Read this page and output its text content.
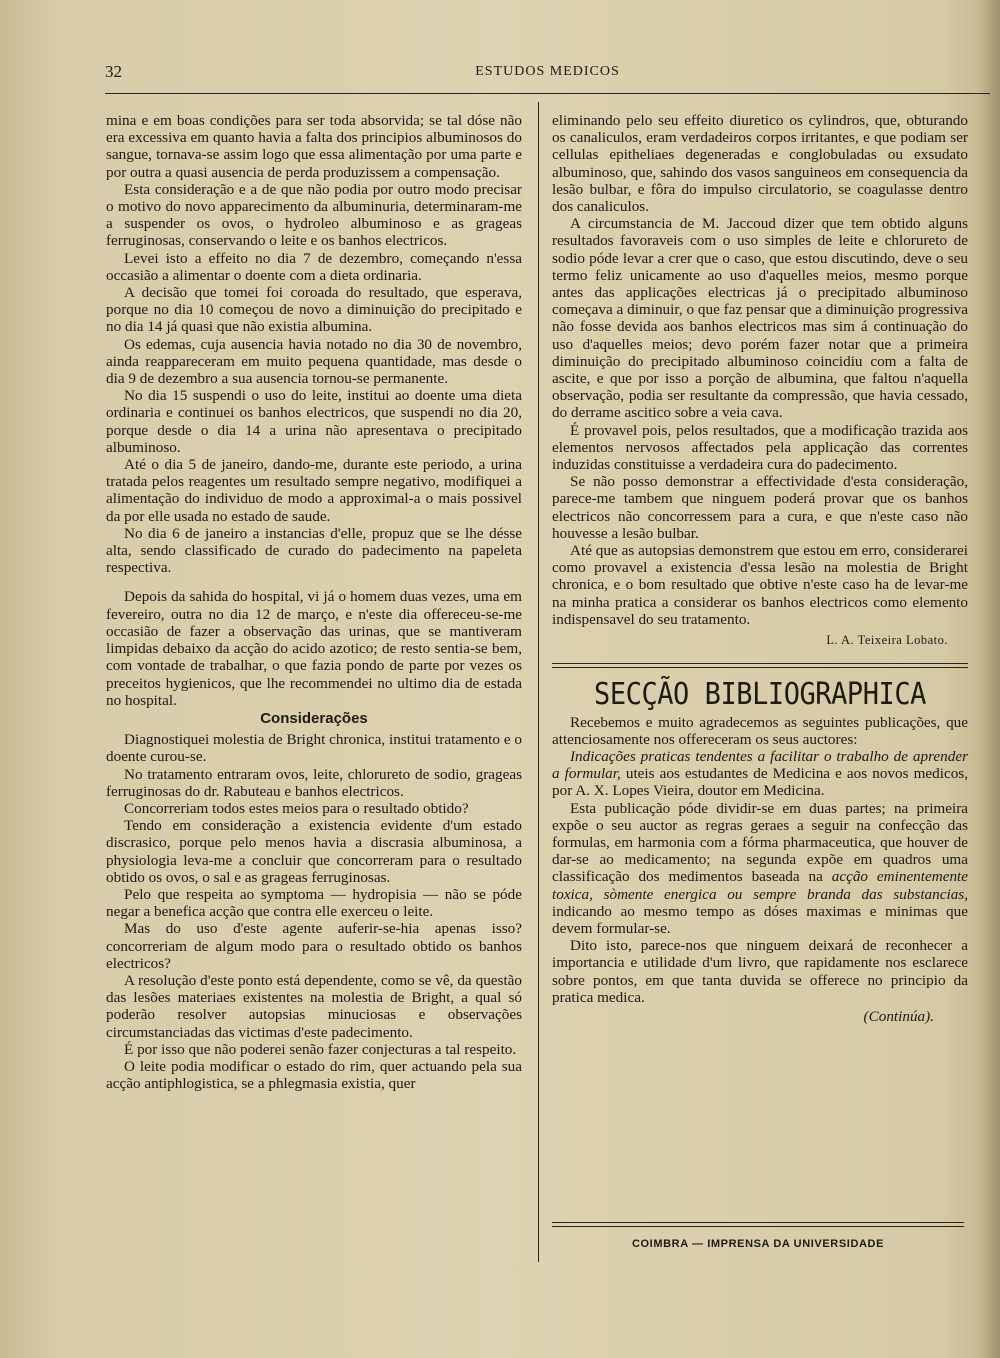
32	ESTUDOS MEDICOS

mina e em boas condições para ser toda absorvida; se tal dóse não era excessiva em quanto havia a falta dos principios albuminosos do sangue, tornava-se assim logo que essa alimentação por uma parte e por outra a quasi ausencia de perda produzissem a compensação.

Esta consideração e a de que não podia por outro modo precisar o motivo do novo apparecimento da albuminuria, determinaram-me a suspender os ovos, o hydroleo albuminoso e as grageas ferruginosas, conservando o leite e os banhos electricos.

Levei isto a effeito no dia 7 de dezembro, começando n'essa occasião a alimentar o doente com a dieta ordinaria.

A decisão que tomei foi coroada do resultado, que esperava, porque no dia 10 começou de novo a diminuição do precipitado e no dia 14 já quasi que não existia albumina.

Os edemas, cuja ausencia havia notado no dia 30 de novembro, ainda reappareceram em muito pequena quantidade, mas desde o dia 9 de dezembro a sua ausencia tornou-se permanente.

No dia 15 suspendi o uso do leite, institui ao doente uma dieta ordinaria e continuei os banhos electricos, que suspendi no dia 20, porque desde o dia 14 a urina não apresentava o precipitado albuminoso.

Até o dia 5 de janeiro, dando-me, durante este periodo, a urina tratada pelos reagentes um resultado sempre negativo, modifiquei a alimentação do individuo de modo a approximal-a o mais possivel da por elle usada no estado de saude.

No dia 6 de janeiro a instancias d'elle, propuz que se lhe désse alta, sendo classificado de curado do padecimento na papeleta respectiva.

Depois da sahida do hospital, vi já o homem duas vezes, uma em fevereiro, outra no dia 12 de março, e n'este dia offereceu-se-me occasião de fazer a observação das urinas, que se mantiveram limpidas debaixo da acção do acido azotico; de resto sentia-se bem, com vontade de trabalhar, o que fazia pondo de parte por vezes os preceitos hygienicos, que lhe recommendei no ultimo dia de estada no hospital.

Considerações

Diagnostiquei molestia de Bright chronica, institui tratamento e o doente curou-se.

No tratamento entraram ovos, leite, chlorureto de sodio, grageas ferruginosas do dr. Rabuteau e banhos electricos.

Concorreriam todos estes meios para o resultado obtido?

Tendo em consideração a existencia evidente d'um estado discrasico, porque pelo menos havia a discrasia albuminosa, a physiologia leva-me a concluir que concorreram para o resultado obtido os ovos, o sal e as grageas ferruginosas.

Pelo que respeita ao symptoma — hydropisia — não se póde negar a benefica acção que contra elle exerceu o leite.

Mas do uso d'este agente auferir-se-hia apenas isso? concorreriam de algum modo para o resultado obtido os banhos electricos?

A resolução d'este ponto está dependente, como se vê, da questão das lesões materiaes existentes na molestia de Bright, a qual só poderão resolver autopsias minuciosas e observações circumstanciadas das victimas d'este padecimento.

É por isso que não poderei senão fazer conjecturas a tal respeito.

O leite podia modificar o estado do rim, quer actuando pela sua acção antiphlogistica, se a phlegmasia existia, quer

eliminando pelo seu effeito diuretico os cylindros, que, obturando os canaliculos, eram verdadeiros corpos irritantes, e que podiam ser cellulas epitheliaes degeneradas e conglobuladas ou exsudato albuminoso, que, sahindo dos vasos sanguineos em consequencia da lesão bulbar, e fôra do impulso circulatorio, se coagulasse dentro dos canaliculos.

A circumstancia de M. Jaccoud dizer que tem obtido alguns resultados favoraveis com o uso simples de leite e chlorureto de sodio póde levar a crer que o caso, que estou discutindo, deve o seu termo feliz unicamente ao uso d'aquelles meios, mesmo porque antes das applicações electricas já o precipitado albuminoso começava a diminuir, o que faz pensar que a diminuição progressiva não fosse devida aos banhos electricos mas sim á continuação do uso d'aquelles meios; devo porém fazer notar que a primeira diminuição do precipitado albuminoso coincidiu com a falta de ascite, e que por isso a porção de albumina, que faltou n'aquella observação, podia ser resultante da compressão, que havia cessado, do derrame ascitico sobre a veia cava.

É provavel pois, pelos resultados, que a modificação trazida aos elementos nervosos affectados pela applicação das correntes induzidas constituisse a verdadeira cura do padecimento.

Se não posso demonstrar a effectividade d'esta consideração, parece-me tambem que ninguem poderá provar que os banhos electricos não concorressem para a cura, e que n'este caso não houvesse a lesão bulbar.

Até que as autopsias demonstrem que estou em erro, considerarei como provavel a existencia d'essa lesão na molestia de Bright chronica, e o bom resultado que obtive n'este caso ha de levar-me na minha pratica a considerar os banhos electricos como elemento indispensavel do seu tratamento.

L. A. Teixeira Lobato.
SECÇÃO BIBLIOGRAPHICA

Recebemos e muito agradecemos as seguintes publicações, que attenciosamente nos offereceram os seus auctores:

Indicações praticas tendentes a facilitar o trabalho de aprender a formular, uteis aos estudantes de Medicina e aos novos medicos, por A. X. Lopes Vieira, doutor em Medicina.

Esta publicação póde dividir-se em duas partes; na primeira expõe o seu auctor as regras geraes a seguir na confecção das formulas, em harmonia com a fórma pharmaceutica, que houver de dar-se ao medicamento; na segunda expõe em quadros uma classificação dos medimentos baseada na acção eminentemente toxica, sòmente energica ou sempre branda das substancias, indicando ao mesmo tempo as dóses maximas e minimas que devem formular-se.

Dito isto, parece-nos que ninguem deixará de reconhecer a importancia e utilidade d'um livro, que rapidamente nos esclarece sobre pontos, em que tanta duvida se offerece no principio da pratica medica.

(Continúa).
COIMBRA — IMPRENSA DA UNIVERSIDADE
